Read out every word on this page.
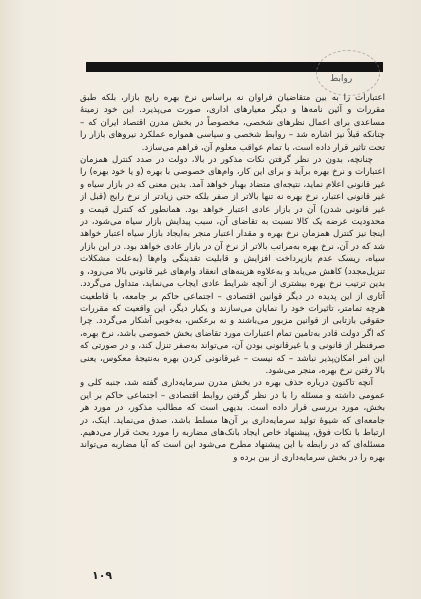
ر‌‌وابط

اعتبارات را به بین متقاضیان فراوان نه براساس نرخ بهره رایج بازار، بلکه طبق مقررات و آئین نامه‌ها و دیگر معیارهای اداری، صورت می‌پذیرد. این خود زمینهٔ مساعدی برای اعمال نظرهای شخصی، مخصوصاً در بخش مدرن اقتصاد ایران که – چنانکه قبلاً نیز اشاره شد – روابط شخصی و سیاسی همواره عملکرد نیروهای بازار را تحت تاثیر قرار داده است، با تمام عواقب معلوم آن، فراهم می‌سازد.

چنانچه، بدون در نظر گرفتن نکات مذکور در بالا، دولت در صدد کنترل همزمان اعتبارات و نرخ بهره برآید و برای این کار، وام‌های خصوصی با بهره (و یا خود بهره) را غیر قانونی اعلام نماید، نتیجه‌ای متضاد بهبار خواهد آمد. بدین معنی که در بازار سیاه و غیر قانونی اعتبار، نرخ بهره نه تنها بالاتر از صفر بلکه حتی زیادتر از نرخ رایج (قبل از غیر قانونی شدن) آن در بازار عادی اعتبار خواهد بود. همانطور که کنترل قیمت و محدودیت عرضه یک کالا نسبت به تقاضای آن، سبب پیدایش بازار سیاه می‌شود، در اینجا نیز کنترل همزمان نرخ بهره و مقدار اعتبار منجر به‌ایجاد بازار سیاه اعتبار خواهد شد که در آن، نرخ بهره به‌مراتب بالاتر از نرخ آن در بازار عادی خواهد بود. در این بازار سیاه، ریسک عدم بازپرداخت افزایش و قابلیت تقدینگی وام‌ها (به‌علت مشکلات تنزیل‌مجدد) کاهش می‌یابد و به‌علاوه هزینه‌های انعقاد وام‌های غیر قانونی بالا می‌رود، و بدین ترتیب نرخ بهره بیشتری از آنچه شرایط عادی ایجاب می‌نماید، متداول می‌گردد. آثاری از این پدیده در دیگر قوانین اقتصادی – اجتماعی حاکم بر جامعه، با قاطعیت هرچه تمامتر، تاثیرات خود را نمایان می‌سازند و یکبار دیگر، این واقعیت که مقررات حقوقی بازتابی از قوانین مزبور می‌باشند و نه برعکس، به‌خوبی آشکار می‌گردد. چرا که اگر دولت قادر به‌تامین تمام اعتبارات مورد تقاضای بخش خصوصی باشد، نرخ بهره، صرفنظر از قانونی و یا غیرقانونی بودن آن، می‌تواند به‌صفر تنزل کند، و در صورتی که این امر امکان‌پذیر نباشد – که نیست – غیرقانونی کردن بهره به‌نتیجهٔ معکوس، یعنی بالا رفتن نرخ بهره، منجر می‌شود.

آنچه تاکنون درباره حذف بهره در بخش مدرن سرمایه‌داری گفته شد، جنبه کلی و عمومی داشته و مسئله را با در نظر گرفتن روابط اقتصادی – اجتماعی حاکم بر این بخش، مورد بررسی قرار داده است. بدیهی است که مطالب مذکور، در مورد هر جامعه‌ای که شیوهٔ تولید سرمایه‌داری بر آن‌ها مسلط باشد، صدق می‌نماید. اینک، در ارتباط با نکات فوق، پیشنهاد خاص ایجاد بانک‌های مضاربه را مورد بحث قرار می‌دهیم. مسئله‌ای که در رابطه با این پیشنهاد مطرح می‌شود این است که آیا مضاربه می‌تواند بهره را در بخش سرمایه‌داری از بین برده و

١٠٩
